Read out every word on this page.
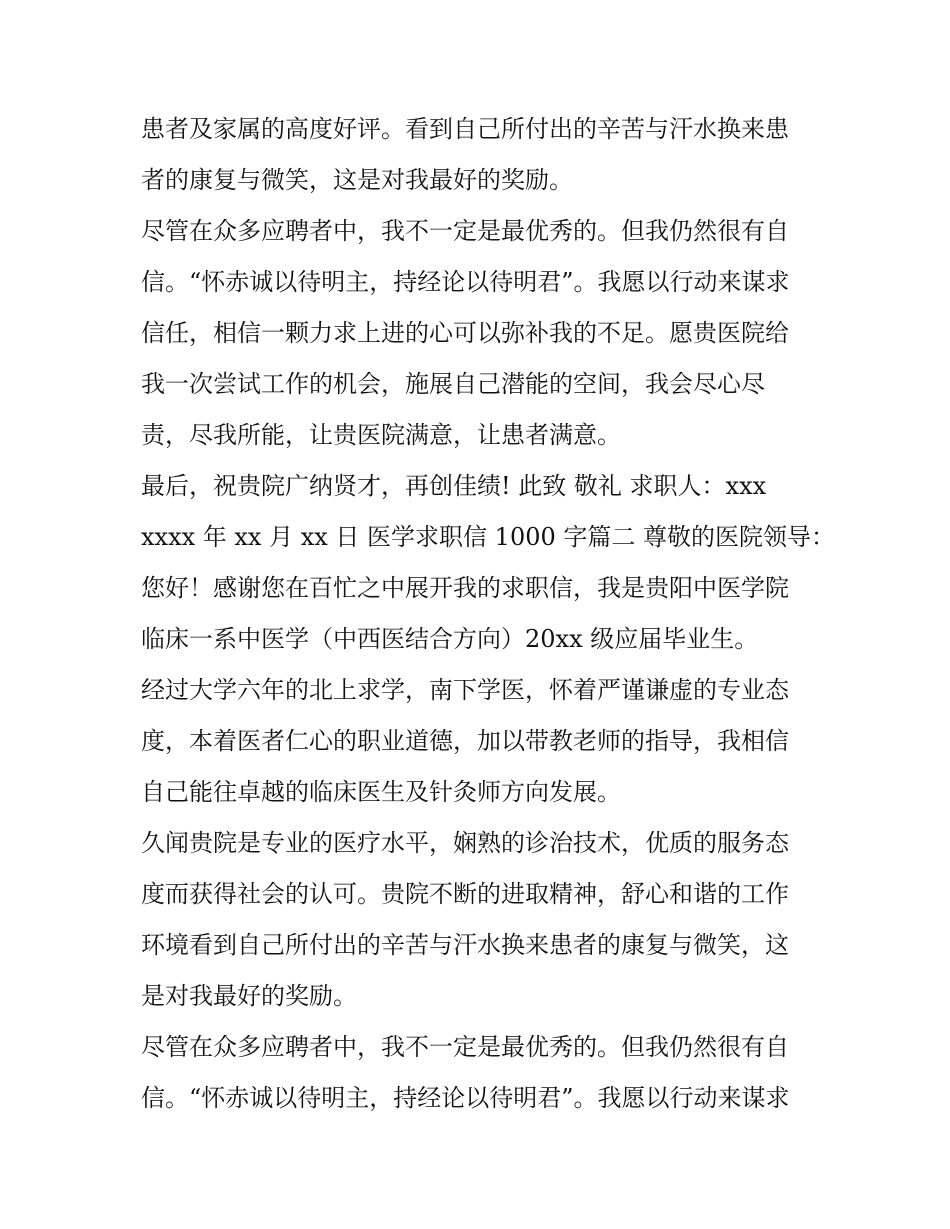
患者及家属的高度好评。看到自己所付出的辛苦与汗水换来患

者的康复与微笑，这是对我最好的奖励。

尽管在众多应聘者中，我不一定是最优秀的。但我仍然很有自

信。“怀赤诚以待明主，持经论以待明君”。我愿以行动来谋求

信任，相信一颗力求上进的心可以弥补我的不足。愿贵医院给

我一次尝试工作的机会，施展自己潜能的空间，我会尽心尽

责，尽我所能，让贵医院满意，让患者满意。

最后，祝贵院广纳贤才，再创佳绩! 此致 敬礼 求职人：xxx

xxxx 年 xx 月 xx 日 医学求职信 1000 字篇二 尊敬的医院领导：

您好！感谢您在百忙之中展开我的求职信，我是贵阳中医学院

临床一系中医学（中西医结合方向）20xx 级应届毕业生。

经过大学六年的北上求学，南下学医，怀着严谨谦虚的专业态

度，本着医者仁心的职业道德，加以带教老师的指导，我相信

自己能往卓越的临床医生及针灸师方向发展。

久闻贵院是专业的医疗水平，娴熟的诊治技术，优质的服务态

度而获得社会的认可。贵院不断的进取精神，舒心和谐的工作

环境看到自己所付出的辛苦与汗水换来患者的康复与微笑，这

是对我最好的奖励。

尽管在众多应聘者中，我不一定是最优秀的。但我仍然很有自

信。“怀赤诚以待明主，持经论以待明君”。我愿以行动来谋求
